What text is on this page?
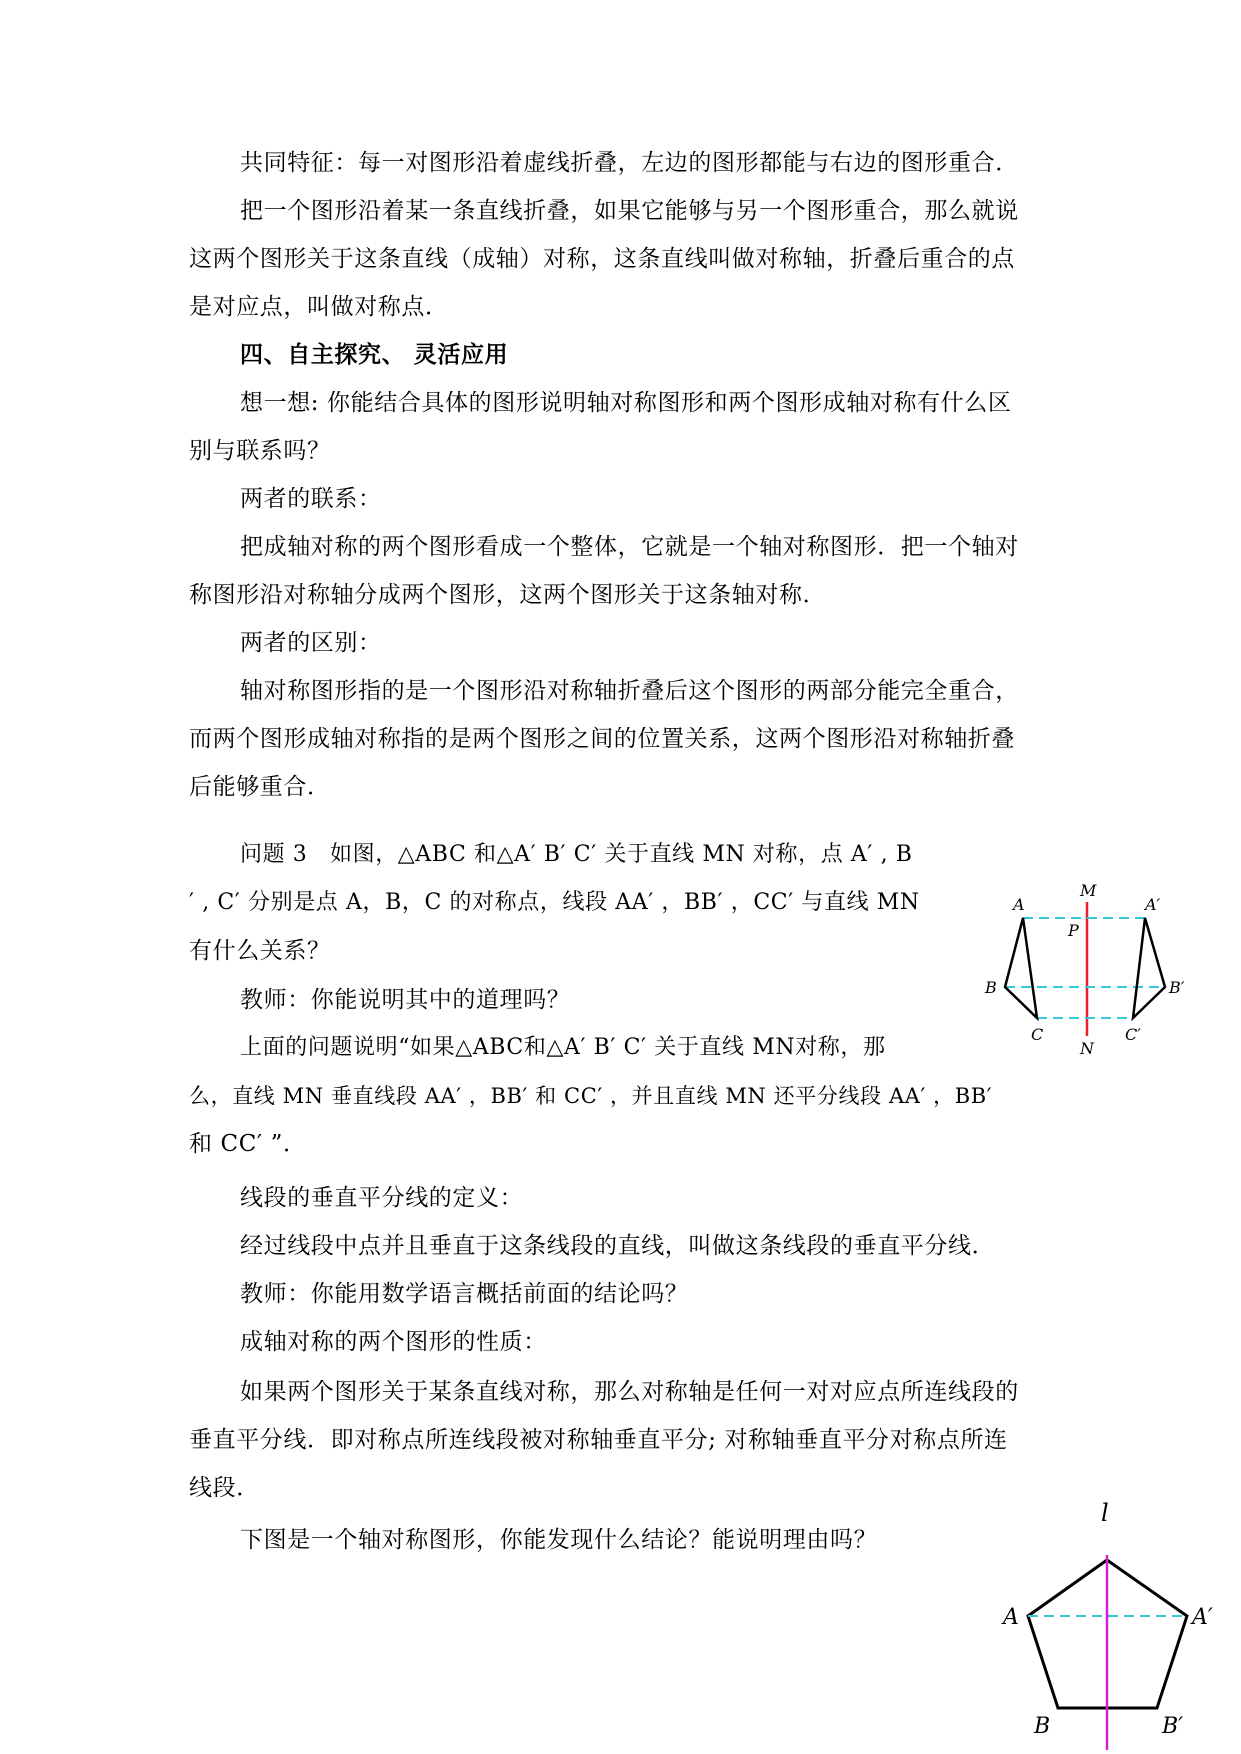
共同特征：每一对图形沿着虚线折叠，左边的图形都能与右边的图形重合．
把一个图形沿着某一条直线折叠，如果它能够与另一个图形重合，那么就说
这两个图形关于这条直线（成轴）对称，这条直线叫做对称轴，折叠后重合的点
是对应点，叫做对称点．
四、自主探究、 灵活应用
想一想: 你能结合具体的图形说明轴对称图形和两个图形成轴对称有什么区
别与联系吗？
两者的联系：
把成轴对称的两个图形看成一个整体，它就是一个轴对称图形．把一个轴对
称图形沿对称轴分成两个图形，这两个图形关于这条轴对称．
两者的区别：
轴对称图形指的是一个图形沿对称轴折叠后这个图形的两部分能完全重合，
而两个图形成轴对称指的是两个图形之间的位置关系，这两个图形沿对称轴折叠
后能够重合．
问题 3　如图，△ABC 和△A′ B′ C′ 关于直线 MN 对称，点 A′ , B
′ , C′ 分别是点 A，B，C 的对称点，线段 AA′ ，BB′ ，CC′ 与直线 MN
有什么关系？
教师：你能说明其中的道理吗？
上面的问题说明“如果△ABC和△A′ B′ C′ 关于直线 MN对称，那
么，直线 MN 垂直线段 AA′ ，BB′ 和 CC′ ，并且直线 MN 还平分线段 AA′ ，BB′
和 CC′ ”．
线段的垂直平分线的定义：
经过线段中点并且垂直于这条线段的直线，叫做这条线段的垂直平分线．
教师：你能用数学语言概括前面的结论吗？
成轴对称的两个图形的性质：
如果两个图形关于某条直线对称，那么对称轴是任何一对对应点所连线段的
垂直平分线．即对称点所连线段被对称轴垂直平分; 对称轴垂直平分对称点所连
线段．
下图是一个轴对称图形，你能发现什么结论？能说明理由吗？
M
P
N
A
B
C
A′
B′
C′
l
A	A′
B	B′
